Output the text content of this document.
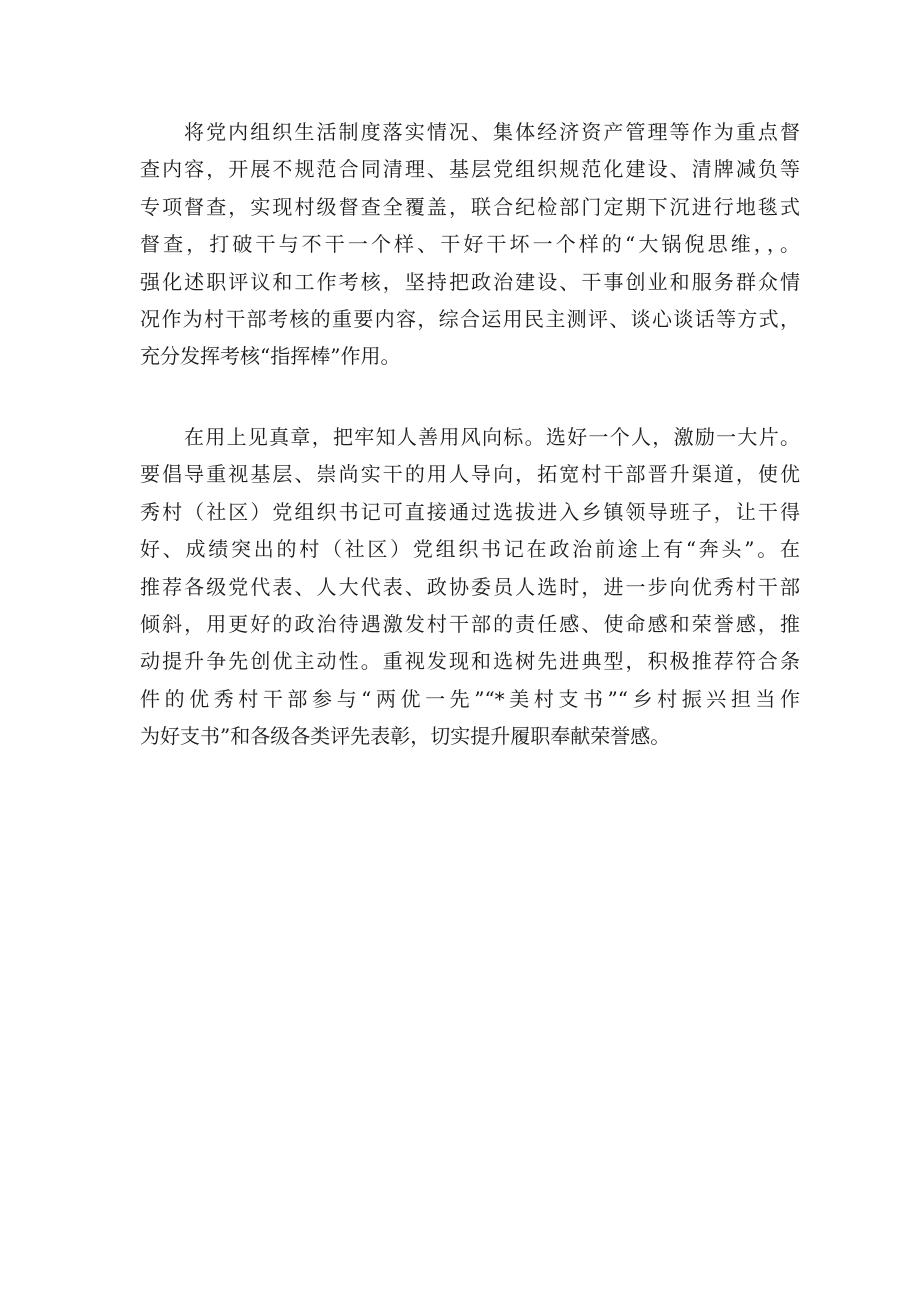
将党内组织生活制度落实情况、集体经济资产管理等作为重点督
查内容，开展不规范合同清理、基层党组织规范化建设、清牌减负等
专项督查，实现村级督查全覆盖，联合纪检部门定期下沉进行地毯式
督查，打破干与不干一个样、干好干坏一个样的“大锅倪思维，，。
强化述职评议和工作考核，坚持把政治建设、干事创业和服务群众情
况作为村干部考核的重要内容，综合运用民主测评、谈心谈话等方式，
充分发挥考核“指挥棒”作用。
在用上见真章，把牢知人善用风向标。选好一个人，激励一大片。
要倡导重视基层、崇尚实干的用人导向，拓宽村干部晋升渠道，使优
秀村（社区）党组织书记可直接通过选拔进入乡镇领导班子，让干得
好、成绩突出的村（社区）党组织书记在政治前途上有“奔头”。在
推荐各级党代表、人大代表、政协委员人选时，进一步向优秀村干部
倾斜，用更好的政治待遇激发村干部的责任感、使命感和荣誉感，推
动提升争先创优主动性。重视发现和选树先进典型，积极推荐符合条
件的优秀村干部参与“两优一先”“*美村支书”“乡村振兴担当作
为好支书”和各级各类评先表彰，切实提升履职奉献荣誉感。
